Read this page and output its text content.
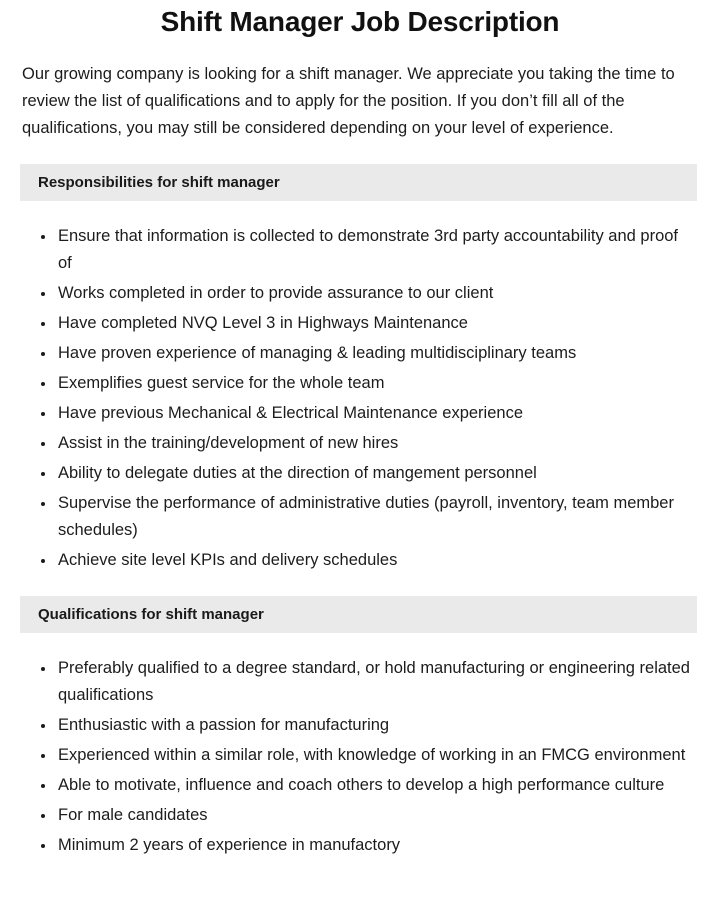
Shift Manager Job Description

Our growing company is looking for a shift manager. We appreciate you taking the time to review the list of qualifications and to apply for the position. If you don’t fill all of the qualifications, you may still be considered depending on your level of experience.

Responsibilities for shift manager
Ensure that information is collected to demonstrate 3rd party accountability and proof of
Works completed in order to provide assurance to our client
Have completed NVQ Level 3 in Highways Maintenance
Have proven experience of managing & leading multidisciplinary teams
Exemplifies guest service for the whole team
Have previous Mechanical & Electrical Maintenance experience
Assist in the training/development of new hires
Ability to delegate duties at the direction of mangement personnel
Supervise the performance of administrative duties (payroll, inventory, team member schedules)
Achieve site level KPIs and delivery schedules
Qualifications for shift manager
Preferably qualified to a degree standard, or hold manufacturing or engineering related qualifications
Enthusiastic with a passion for manufacturing
Experienced within a similar role, with knowledge of working in an FMCG environment
Able to motivate, influence and coach others to develop a high performance culture
For male candidates
Minimum 2 years of experience in manufactory
